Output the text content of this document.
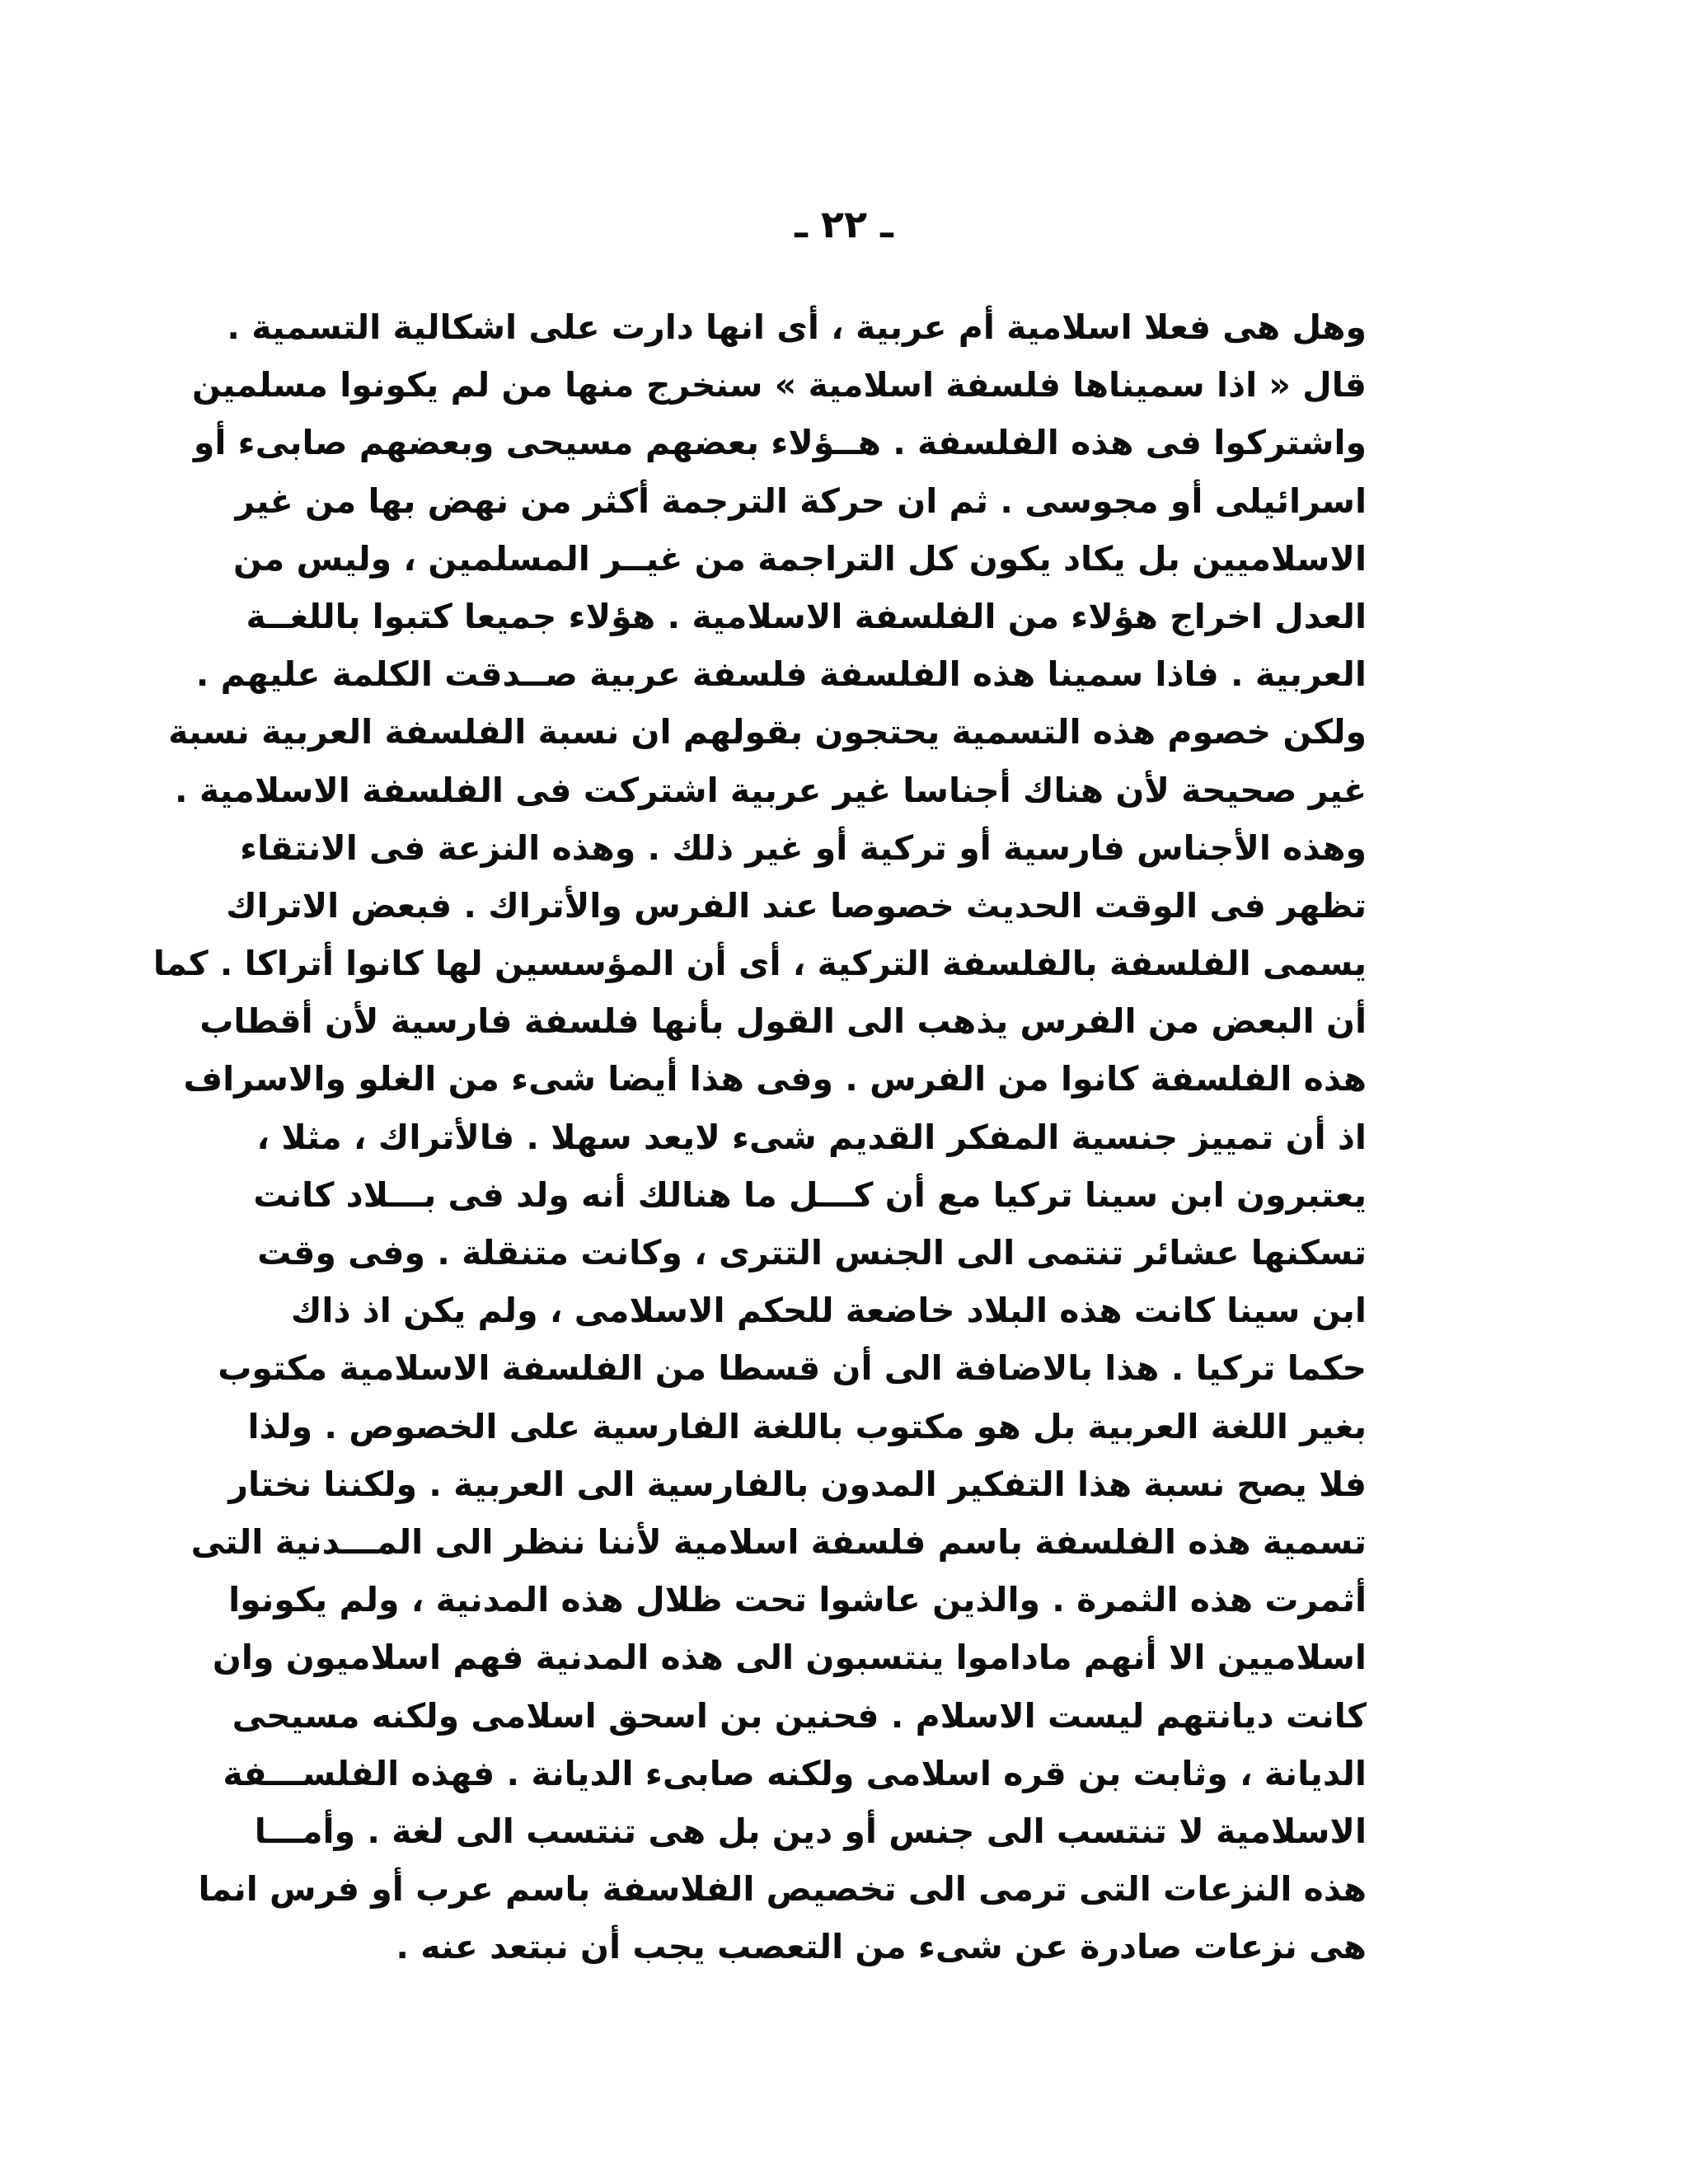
ـ ٢٢ ـ
وهل هى فعلا اسلامية أم عربية ، أى انها دارت على اشكالية التسمية .
قال « اذا سميناها فلسفة اسلامية » سنخرج منها من لم يكونوا مسلمين
واشتركوا فى هذه الفلسفة . هــؤلاء بعضهم مسيحى وبعضهم صابىء أو
اسرائيلى أو مجوسى . ثم ان حركة الترجمة أكثر من نهض بها من غير
الاسلاميين بل يكاد يكون كل التراجمة من غيــر المسلمين ، وليس من
العدل اخراج هؤلاء من الفلسفة الاسلامية . هؤلاء جميعا كتبوا باللغــة
العربية . فاذا سمينا هذه الفلسفة فلسفة عربية صــدقت الكلمة عليهم .
ولكن خصوم هذه التسمية يحتجون بقولهم ان نسبة الفلسفة العربية نسبة
غير صحيحة لأن هناك أجناسا غير عربية اشتركت فى الفلسفة الاسلامية .
وهذه الأجناس فارسية أو تركية أو غير ذلك . وهذه النزعة فى الانتقاء
تظهر فى الوقت الحديث خصوصا عند الفرس والأتراك . فبعض الاتراك
يسمى الفلسفة بالفلسفة التركية ، أى أن المؤسسين لها كانوا أتراكا . كما
أن البعض من الفرس يذهب الى القول بأنها فلسفة فارسية لأن أقطاب
هذه الفلسفة كانوا من الفرس . وفى هذا أيضا شىء من الغلو والاسراف
اذ أن تمييز جنسية المفكر القديم شىء لايعد سهلا . فالأتراك ، مثلا ،
يعتبرون ابن سينا تركيا مع أن كـــل ما هنالك أنه ولد فى بـــلاد كانت
تسكنها عشائر تنتمى الى الجنس التترى ، وكانت متنقلة . وفى وقت
ابن سينا كانت هذه البلاد خاضعة للحكم الاسلامى ، ولم يكن اذ ذاك
حكما تركيا . هذا بالاضافة الى أن قسطا من الفلسفة الاسلامية مكتوب
بغير اللغة العربية بل هو مكتوب باللغة الفارسية على الخصوص . ولذا
فلا يصح نسبة هذا التفكير المدون بالفارسية الى العربية . ولكننا نختار
تسمية هذه الفلسفة باسم فلسفة اسلامية لأننا ننظر الى المـــدنية التى
أثمرت هذه الثمرة . والذين عاشوا تحت ظلال هذه المدنية ، ولم يكونوا
اسلاميين الا أنهم ماداموا ينتسبون الى هذه المدنية فهم اسلاميون وان
كانت ديانتهم ليست الاسلام . فحنين بن اسحق اسلامى ولكنه مسيحى
الديانة ، وثابت بن قره اسلامى ولكنه صابىء الديانة . فهذه الفلســـفة
الاسلامية لا تنتسب الى جنس أو دين بل هى تنتسب الى لغة . وأمـــا
هذه النزعات التى ترمى الى تخصيص الفلاسفة باسم عرب أو فرس انما
هى نزعات صادرة عن شىء من التعصب يجب أن نبتعد عنه .
